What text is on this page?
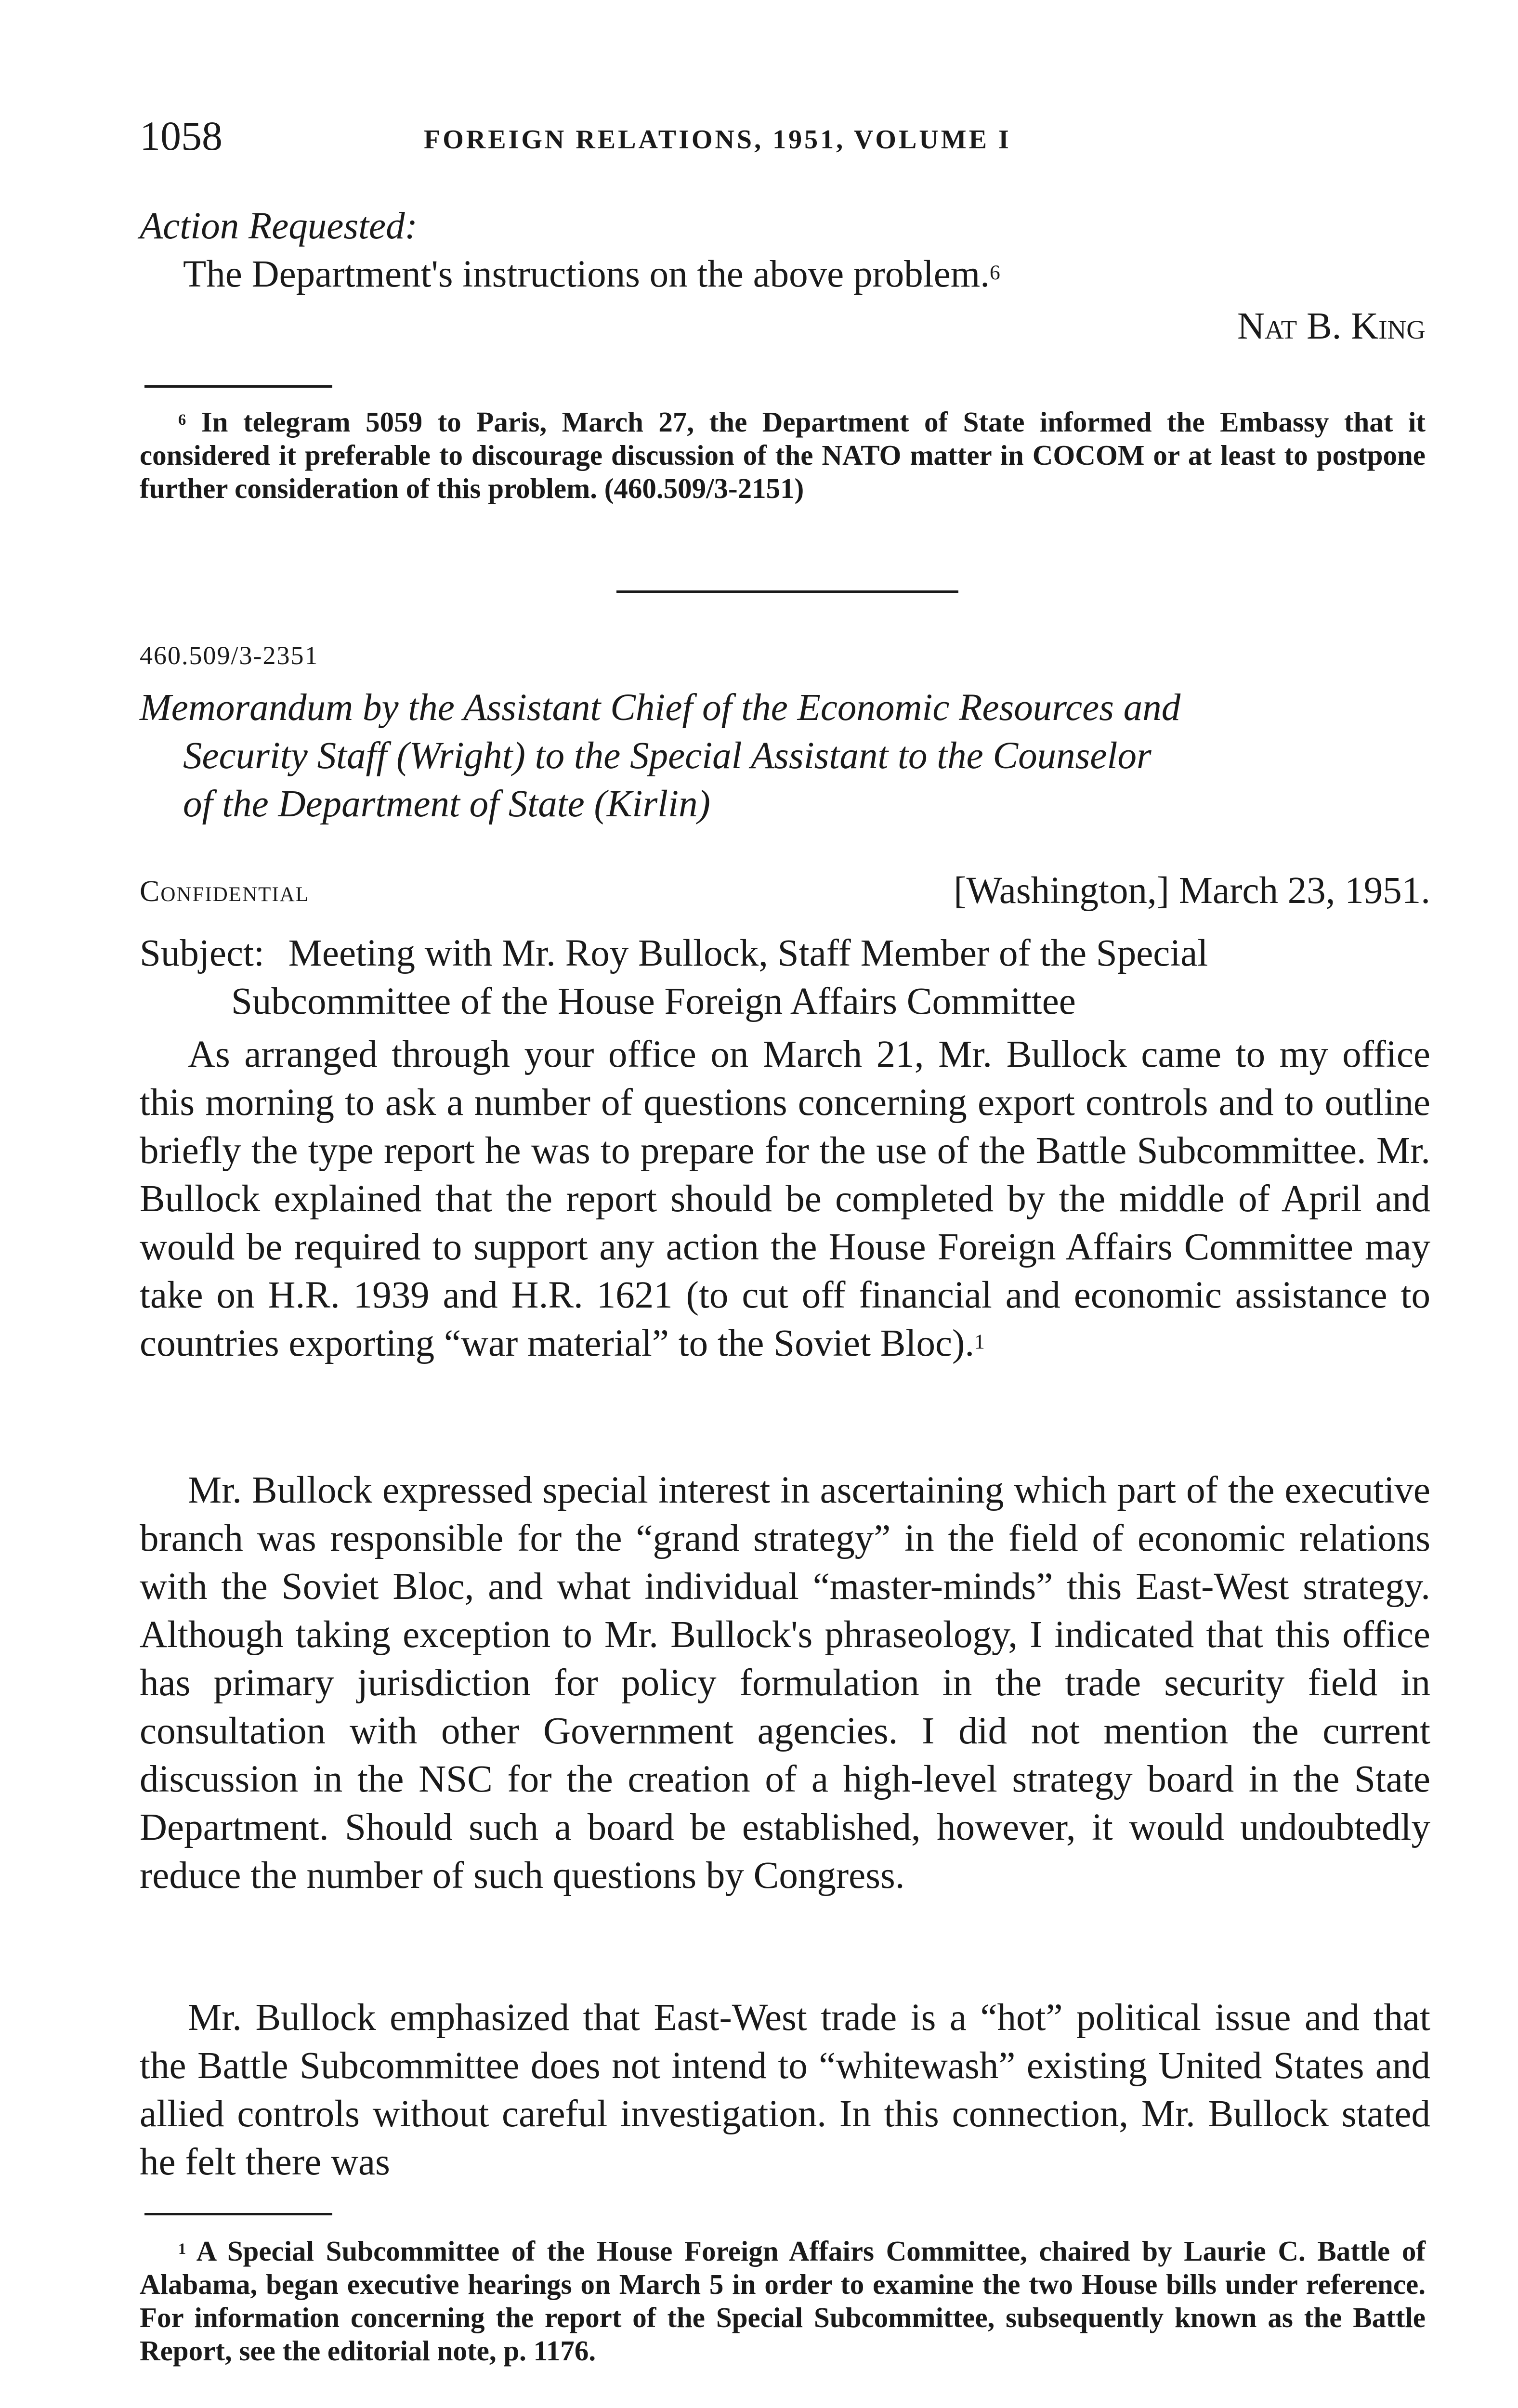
1058	FOREIGN RELATIONS, 1951, VOLUME I
Action Requested:
The Department's instructions on the above problem.$^6$
Nat B. King
$^6$ In telegram 5059 to Paris, March 27, the Department of State informed the Embassy that it considered it preferable to discourage discussion of the NATO matter in COCOM or at least to postpone further consideration of this problem. (460.509/3-2151)
460.509/3-2351
Memorandum by the Assistant Chief of the Economic Resources and
Security Staff (Wright) to the Special Assistant to the Counselor
of the Department of State (Kirlin)
Confidential	[Washington,] March 23, 1951.
Subject: Meeting with Mr. Roy Bullock, Staff Member of the Special
Subcommittee of the House Foreign Affairs Committee
As arranged through your office on March 21, Mr. Bullock came to my office this morning to ask a number of questions concerning export controls and to outline briefly the type report he was to prepare for the use of the Battle Subcommittee. Mr. Bullock explained that the report should be completed by the middle of April and would be required to support any action the House Foreign Affairs Committee may take on H.R. 1939 and H.R. 1621 (to cut off financial and economic assistance to countries exporting “war material” to the Soviet Bloc).$^1$
Mr. Bullock expressed special interest in ascertaining which part of the executive branch was responsible for the “grand strategy” in the field of economic relations with the Soviet Bloc, and what individual “master-minds” this East-West strategy. Although taking exception to Mr. Bullock's phraseology, I indicated that this office has primary jurisdiction for policy formulation in the trade security field in consultation with other Government agencies. I did not mention the current discussion in the NSC for the creation of a high-level strategy board in the State Department. Should such a board be established, however, it would undoubtedly reduce the number of such questions by Congress.
Mr. Bullock emphasized that East-West trade is a “hot” political issue and that the Battle Subcommittee does not intend to “whitewash” existing United States and allied controls without careful investigation. In this connection, Mr. Bullock stated he felt there was
$^1$ A Special Subcommittee of the House Foreign Affairs Committee, chaired by Laurie C. Battle of Alabama, began executive hearings on March 5 in order to examine the two House bills under reference. For information concerning the report of the Special Subcommittee, subsequently known as the Battle Report, see the editorial note, p. 1176.
